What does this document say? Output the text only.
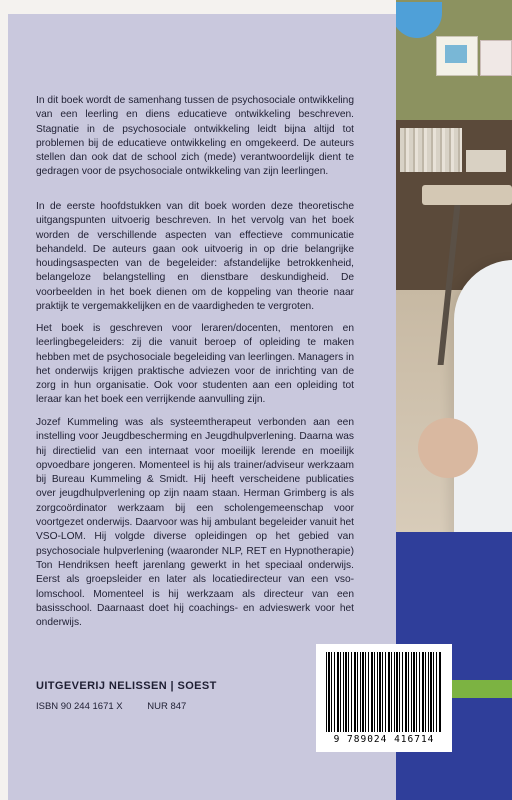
In dit boek wordt de samenhang tussen de psychosociale ontwikkeling van een leerling en diens educatieve ontwikkeling beschreven. Stagnatie in de psychosociale ontwikkeling leidt bijna altijd tot problemen bij de educatieve ontwikkeling en omgekeerd. De auteurs stellen dan ook dat de school zich (mede) verantwoordelijk dient te gedragen voor de psychosociale ontwikkeling van zijn leerlingen.

In de eerste hoofdstukken van dit boek worden deze theoretische uitgangspunten uitvoerig beschreven. In het vervolg van het boek worden de verschillende aspecten van effectieve communicatie behandeld. De auteurs gaan ook uitvoerig in op drie belangrijke houdingsaspecten van de begeleider: afstandelijke betrokkenheid, belangeloze belangstelling en dienstbare deskundigheid. De voorbeelden in het boek dienen om de koppeling van theorie naar praktijk te vergemakkelijken en de vaardigheden te vergroten.

Het boek is geschreven voor leraren/docenten, mentoren en leerlingbegeleiders: zij die vanuit beroep of opleiding te maken hebben met de psychosociale begeleiding van leerlingen. Managers in het onderwijs krijgen praktische adviezen voor de inrichting van de zorg in hun organisatie. Ook voor studenten aan een opleiding tot leraar kan het boek een verrijkende aanvulling zijn.

Jozef Kummeling was als systeemtherapeut verbonden aan een instelling voor Jeugdbescherming en Jeugdhulpverlening. Daarna was hij directielid van een internaat voor moeilijk lerende en moeilijk opvoedbare jongeren. Momenteel is hij als trainer/adviseur werkzaam bij Bureau Kummeling & Smidt. Hij heeft verscheidene publicaties over jeugdhulpverlening op zijn naam staan. Herman Grimberg is als zorgcoördinator werkzaam bij een scholengemeenschap voor voortgezet onderwijs. Daarvoor was hij ambulant begeleider vanuit het VSO-LOM. Hij volgde diverse opleidingen op het gebied van psychosociale hulpverlening (waaronder NLP, RET en Hypnotherapie) Ton Hendriksen heeft jarenlang gewerkt in het speciaal onderwijs. Eerst als groepsleider en later als locatiedirecteur van een vso-lomschool. Momenteel is hij werkzaam als directeur van een basisschool. Daarnaast doet hij coachings- en advieswerk voor het onderwijs.

UITGEVERIJ NELISSEN | SOEST
ISBN 90 244 1671 X	NUR 847
9 789024 416714
